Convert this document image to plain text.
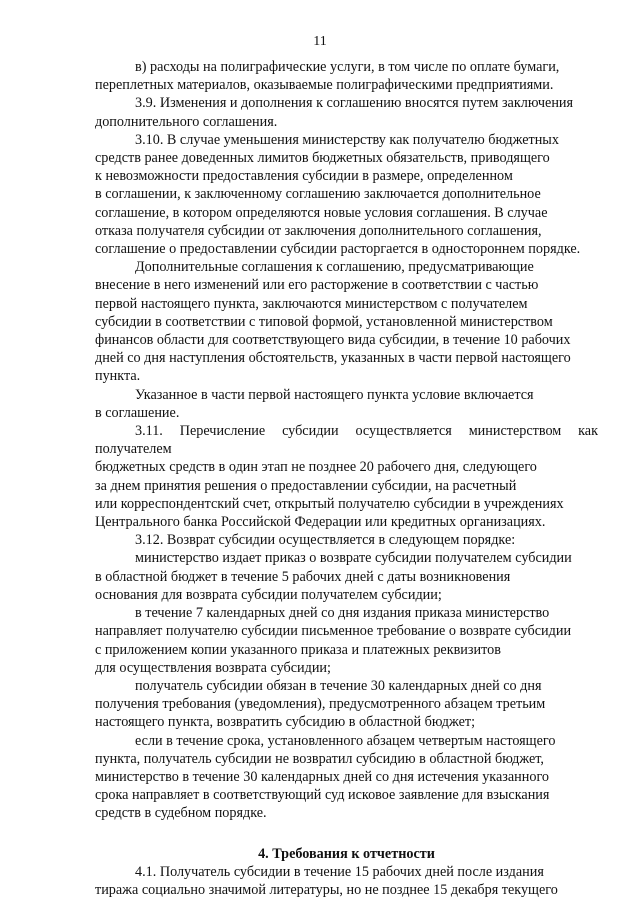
11

в) расходы на полиграфические услуги, в том числе по оплате бумаги,
переплетных материалов, оказываемые полиграфическими предприятиями.

3.9. Изменения и дополнения к соглашению вносятся путем заключения
дополнительного соглашения.

3.10. В случае уменьшения министерству как получателю бюджетных
средств ранее доведенных лимитов бюджетных обязательств, приводящего
к невозможности предоставления субсидии в размере, определенном
в соглашении, к заключенному соглашению заключается дополнительное
соглашение, в котором определяются новые условия соглашения. В случае
отказа получателя субсидии от заключения дополнительного соглашения,
соглашение о предоставлении субсидии расторгается в одностороннем порядке.

Дополнительные соглашения к соглашению, предусматривающие
внесение в него изменений или его расторжение в соответствии с частью
первой настоящего пункта, заключаются министерством с получателем
субсидии в соответствии с типовой формой, установленной министерством
финансов области для соответствующего вида субсидии, в течение 10 рабочих
дней со дня наступления обстоятельств, указанных в части первой настоящего
пункта.

Указанное в части первой настоящего пункта условие включается
в соглашение.

3.11. Перечисление субсидии осуществляется министерством как получателем
бюджетных средств в один этап не позднее 20 рабочего дня, следующего
за днем принятия решения о предоставлении субсидии, на расчетный
или корреспондентский счет, открытый получателю субсидии в учреждениях
Центрального банка Российской Федерации или кредитных организациях.

3.12. Возврат субсидии осуществляется в следующем порядке:

министерство издает приказ о возврате субсидии получателем субсидии
в областной бюджет в течение 5 рабочих дней с даты возникновения
основания для возврата субсидии получателем субсидии;

в течение 7 календарных дней со дня издания приказа министерство
направляет получателю субсидии письменное требование о возврате субсидии
с приложением копии указанного приказа и платежных реквизитов
для осуществления возврата субсидии;

получатель субсидии обязан в течение 30 календарных дней со дня
получения требования (уведомления), предусмотренного абзацем третьим
настоящего пункта, возвратить субсидию в областной бюджет;

если в течение срока, установленного абзацем четвертым настоящего
пункта, получатель субсидии не возвратил субсидию в областной бюджет,
министерство в течение 30 календарных дней со дня истечения указанного
срока направляет в соответствующий суд исковое заявление для взыскания
средств в судебном порядке.

4. Требования к отчетности

4.1. Получатель субсидии в течение 15 рабочих дней после издания
тиража социально значимой литературы, но не позднее 15 декабря текущего
